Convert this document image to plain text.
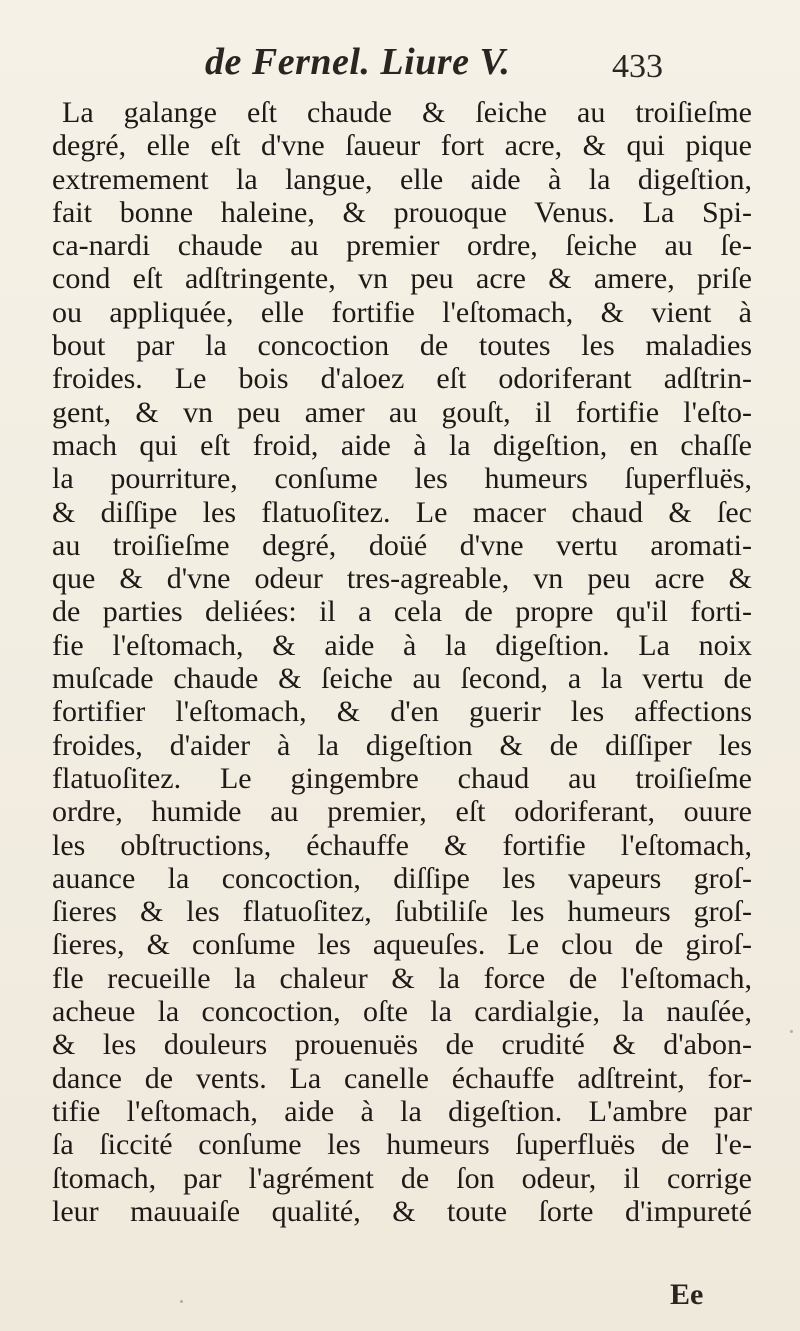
de Fernel. Liure V.	433
La galange eſt chaude & ſeiche au troiſieſme
degré, elle eſt d'vne ſaueur fort acre, & qui pique
extremement la langue, elle aide à la digeſtion,
fait bonne haleine, & prouoque Venus. La Spi-
ca-nardi chaude au premier ordre, ſeiche au ſe-
cond eſt adſtringente, vn peu acre & amere, priſe
ou appliquée, elle fortifie l'eſtomach, & vient à
bout par la concoction de toutes les maladies
froides. Le bois d'aloez eſt odoriferant adſtrin-
gent, & vn peu amer au gouſt, il fortifie l'eſto-
mach qui eſt froid, aide à la digeſtion, en chaſſe
la pourriture, conſume les humeurs ſuperfluës,
& diſſipe les flatuoſitez. Le macer chaud & ſec
au troiſieſme degré, doüé d'vne vertu aromati-
que & d'vne odeur tres-agreable, vn peu acre &
de parties deliées: il a cela de propre qu'il forti-
fie l'eſtomach, & aide à la digeſtion. La noix
muſcade chaude & ſeiche au ſecond, a la vertu de
fortifier l'eſtomach, & d'en guerir les affections
froides, d'aider à la digeſtion & de diſſiper les
flatuoſitez. Le gingembre chaud au troiſieſme
ordre, humide au premier, eſt odoriferant, ouure
les obſtructions, échauffe & fortifie l'eſtomach,
auance la concoction, diſſipe les vapeurs groſ-
ſieres & les flatuoſitez, ſubtiliſe les humeurs groſ-
ſieres, & conſume les aqueuſes. Le clou de giroſ-
fle recueille la chaleur & la force de l'eſtomach,
acheue la concoction, oſte la cardialgie, la nauſée,
& les douleurs prouenuës de crudité & d'abon-
dance de vents. La canelle échauffe adſtreint, for-
tifie l'eſtomach, aide à la digeſtion. L'ambre par
ſa ſiccité conſume les humeurs ſuperfluës de l'e-
ſtomach, par l'agrément de ſon odeur, il corrige
leur mauuaiſe qualité, & toute ſorte d'impureté
Ee
